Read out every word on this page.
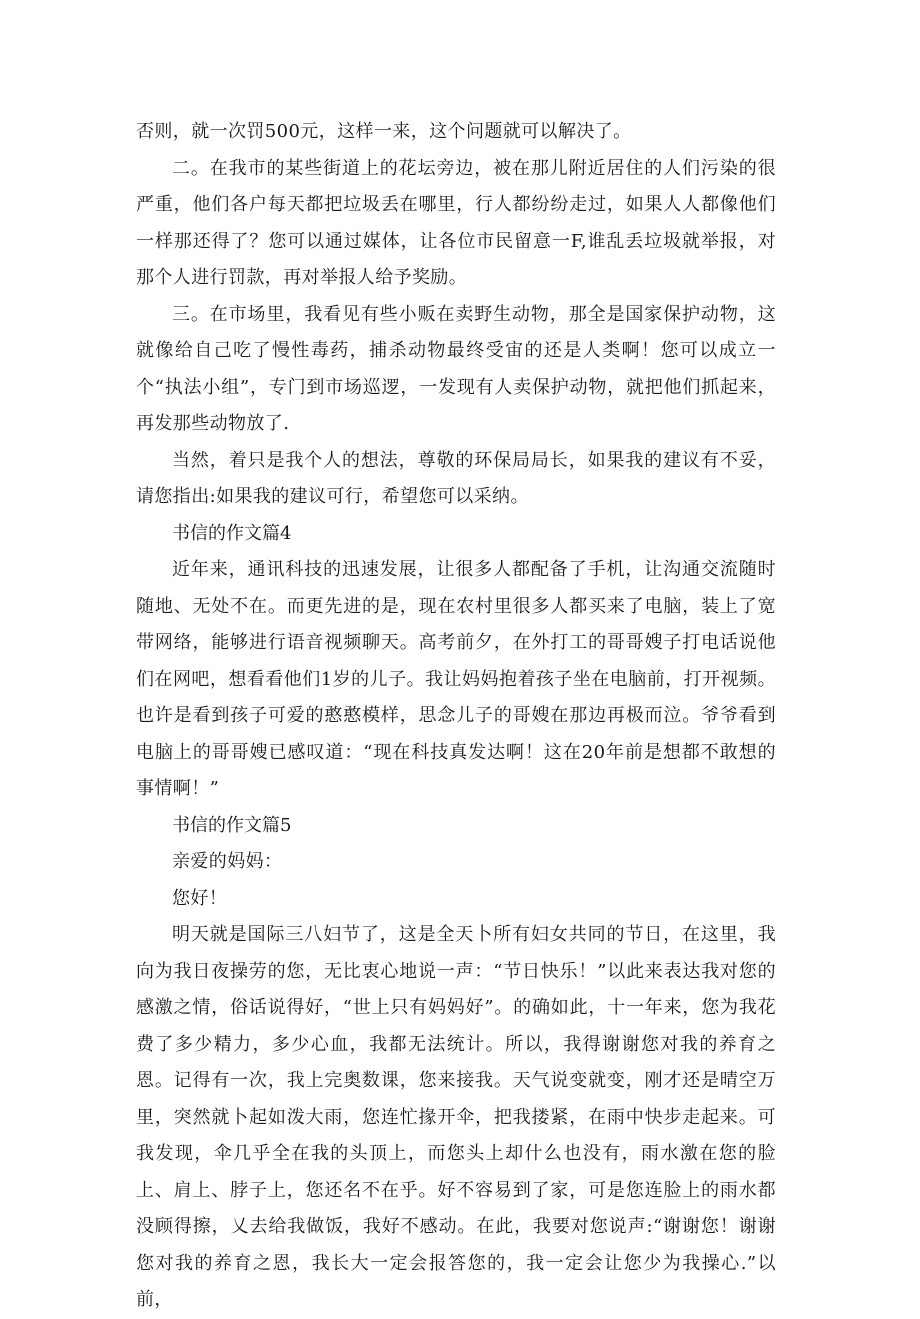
否则，就一次罚500元，这样一来，这个问题就可以解决了。

二。在我市的某些街道上的花坛旁边，被在那儿附近居住的人们污染的很严重，他们各户每天都把垃圾丢在哪里，行人都纷纷走过，如果人人都像他们一样那还得了？您可以通过媒体，让各位市民留意一F,谁乱丢垃圾就举报，对那个人进行罚款，再对举报人给予奖励。

三。在市场里，我看见有些小贩在卖野生动物，那全是国家保护动物，这就像给自己吃了慢性毒药，捕杀动物最终受宙的还是人类啊！您可以成立一个“执法小组”，专门到市场巡逻，一发现有人卖保护动物，就把他们抓起来，再发那些动物放了.

当然，着只是我个人的想法，尊敬的环保局局长，如果我的建议有不妥，请您指出:如果我的建议可行，希望您可以采纳。

书信的作文篇4

近年来，通讯科技的迅速发展，让很多人都配备了手机，让沟通交流随时随地、无处不在。而更先进的是，现在农村里很多人都买来了电脑，装上了宽带网络，能够进行语音视频聊天。高考前夕，在外打工的哥哥嫂子打电话说他们在网吧，想看看他们1岁的儿子。我让妈妈抱着孩子坐在电脑前，打开视频。也许是看到孩子可爱的憨憨模样，思念儿子的哥嫂在那边再极而泣。爷爷看到电脑上的哥哥嫂已感叹道：“现在科技真发达啊！这在20年前是想都不敢想的事情啊！”

书信的作文篇5

亲爱的妈妈：

您好！

明天就是国际三八妇节了，这是全天卜所有妇女共同的节日，在这里，我向为我日夜操劳的您，无比衷心地说一声：“节日快乐！”以此来表达我对您的感激之情，俗话说得好，“世上只有妈妈好”。的确如此，十一年来，您为我花费了多少精力，多少心血，我都无法统计。所以，我得谢谢您对我的养育之恩。记得有一次，我上完奥数课，您来接我。天气说变就变，刚才还是晴空万里，突然就卜起如泼大雨，您连忙掾开伞，把我搂紧，在雨中快步走起来。可我发现，伞几乎全在我的头顶上，而您头上却什么也没有，雨水激在您的脸上、肩上、脖子上，您还名不在乎。好不容易到了家，可是您连脸上的雨水都没顾得擦，乂去给我做饭，我好不感动。在此，我要对您说声:“谢谢您！谢谢您对我的养育之恩，我长大一定会报答您的，我一定会让您少为我操心.”以前，
